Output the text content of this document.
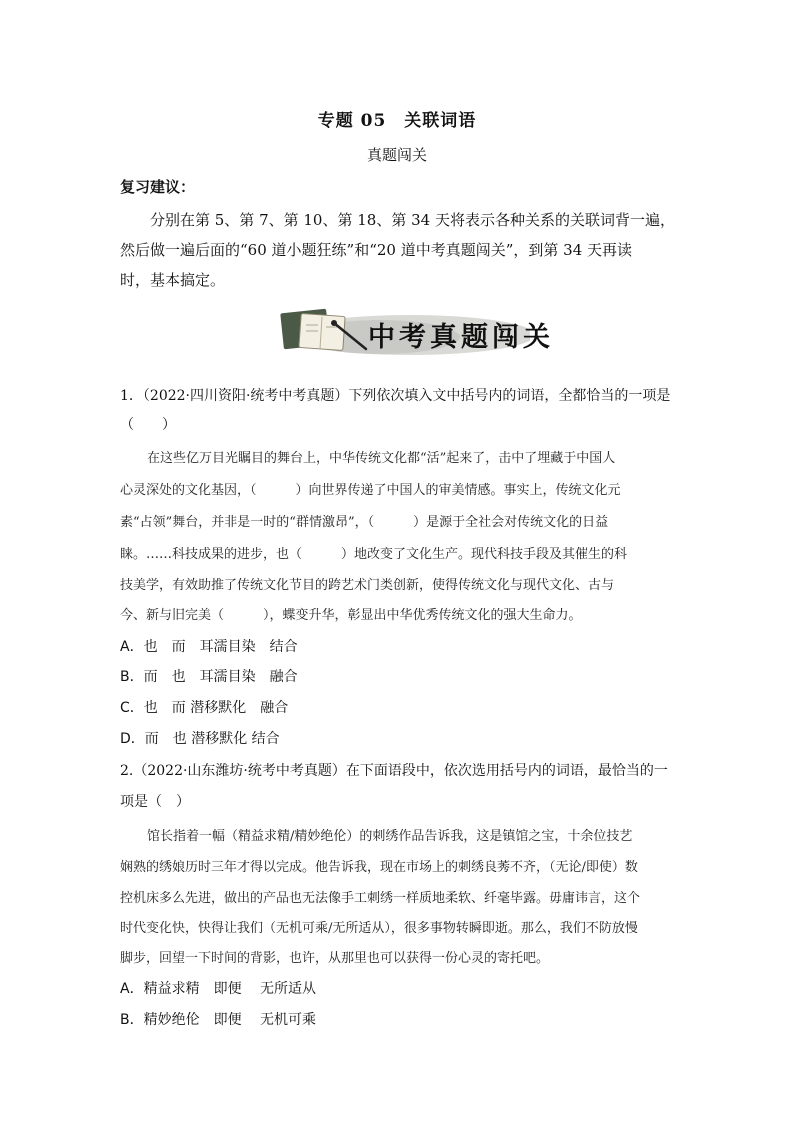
专题 05　关联词语
真题闯关
复习建议：
分别在第 5、第 7、第 10、第 18、第 34 天将表示各种关系的关联词背一遍，
然后做一遍后面的“60 道小题狂练”和“20 道中考真题闯关”，到第 34 天再读
时，基本搞定。
中考真题闯关
1．（2022·四川资阳·统考中考真题）下列依次填入文中括号内的词语，全都恰当的一项是
（　　）
在这些亿万目光瞩目的舞台上，中华传统文化都“活”起来了，击中了埋藏于中国人
心灵深处的文化基因，（　　　）向世界传递了中国人的审美情感。事实上，传统文化元
素“占领”舞台，并非是一时的“群情激昂”，（　　　）是源于全社会对传统文化的日益
睐。……科技成果的进步，也（　　　）地改变了文化生产。现代科技手段及其催生的科
技美学，有效助推了传统文化节目的跨艺术门类创新，使得传统文化与现代文化、古与
今、新与旧完美（　　　），蝶变升华，彰显出中华优秀传统文化的强大生命力。
A．也　而　耳濡目染　结合
B．而　也　耳濡目染　融合
C．也　而 潜移默化　融合
D．而　也 潜移默化 结合
2.（2022·山东潍坊·统考中考真题）在下面语段中，依次选用括号内的词语，最恰当的一
项是（　）
馆长指着一幅（精益求精/精妙绝伦）的刺绣作品告诉我，这是镇馆之宝，十余位技艺
娴熟的绣娘历时三年才得以完成。他告诉我，现在市场上的刺绣良莠不齐，（无论/即使）数
控机床多么先进，做出的产品也无法像手工刺绣一样质地柔软、纤毫毕露。毋庸讳言，这个
时代变化快，快得让我们（无机可乘/无所适从），很多事物转瞬即逝。那么，我们不防放慢
脚步，回望一下时间的背影，也许，从那里也可以获得一份心灵的寄托吧。
A．精益求精　即便　 无所适从
B．精妙绝伦　即便　 无机可乘
